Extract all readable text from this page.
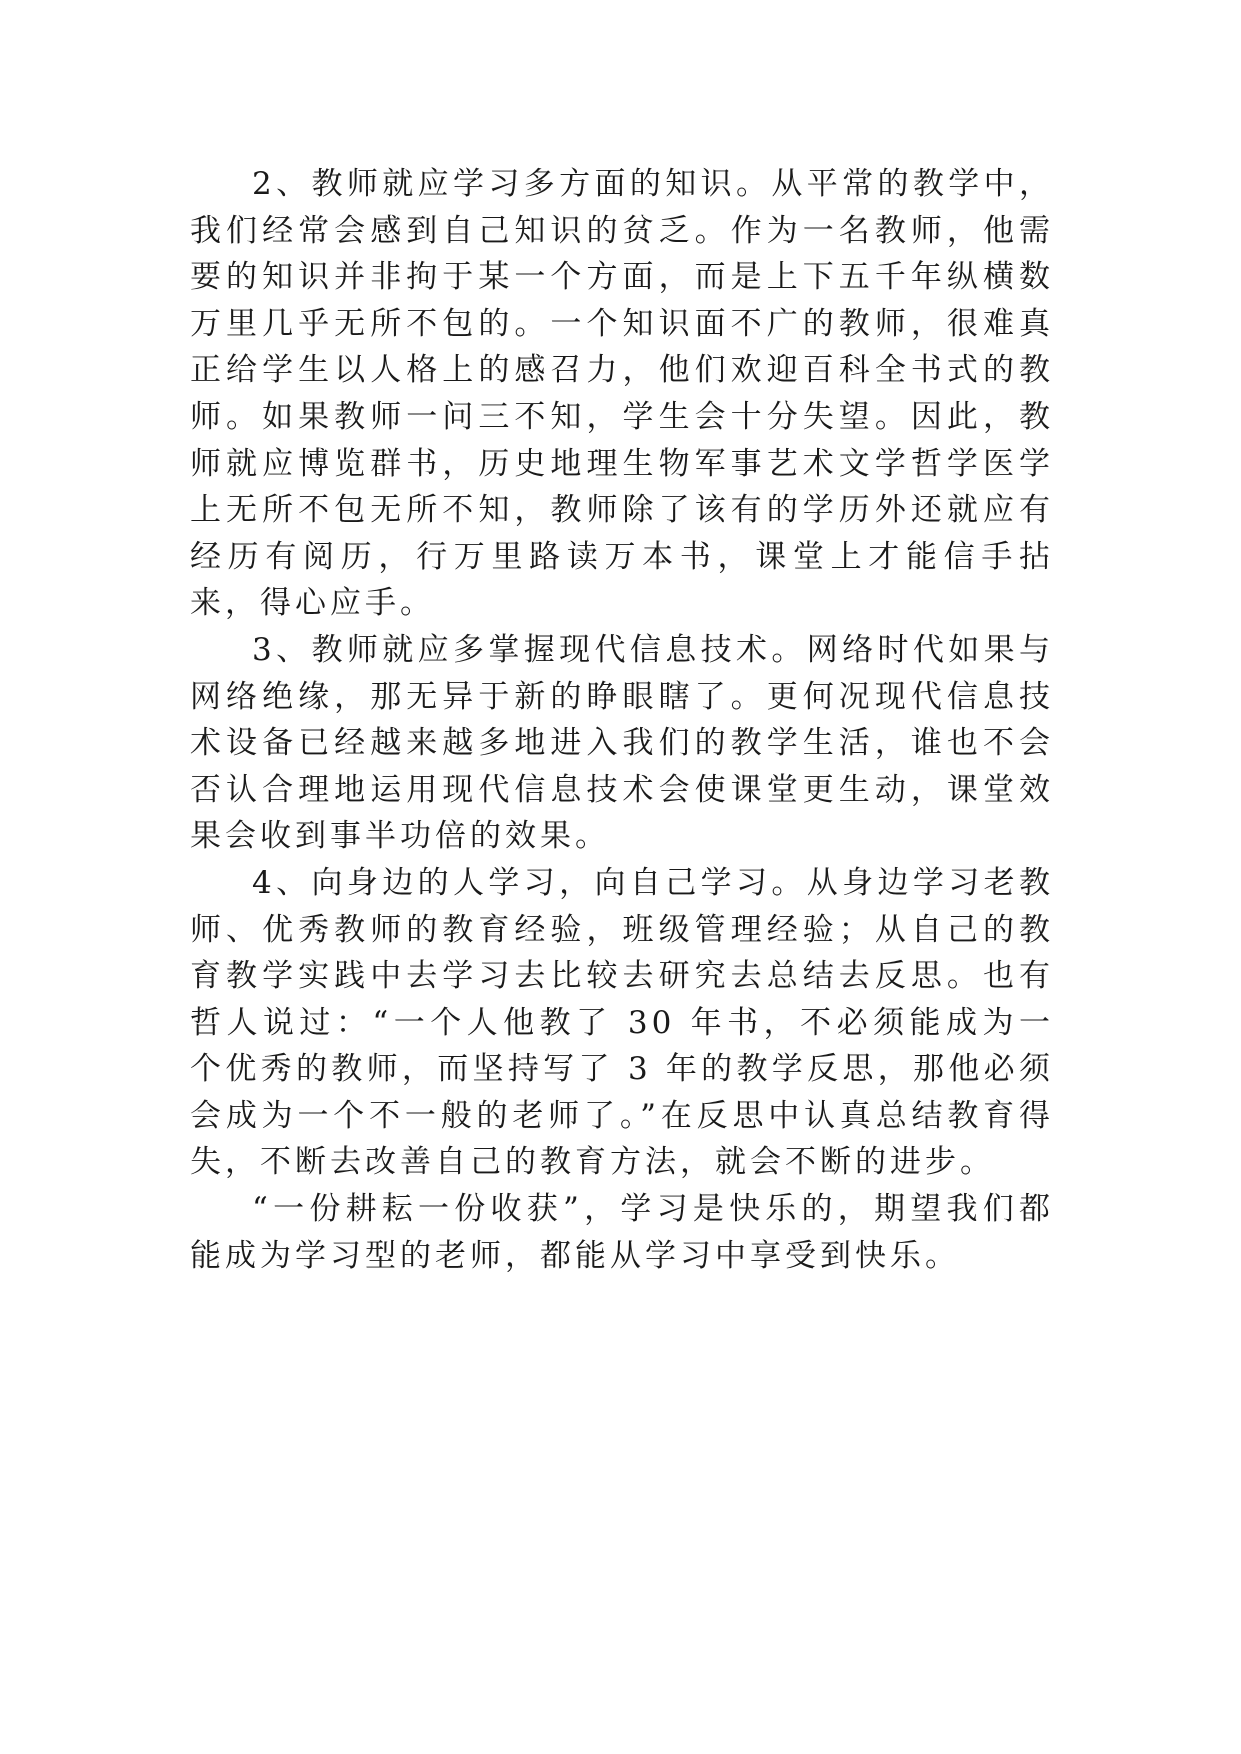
2、教师就应学习多方面的知识。从平常的教学中，我们经常会感到自己知识的贫乏。作为一名教师，他需要的知识并非拘于某一个方面，而是上下五千年纵横数万里几乎无所不包的。一个知识面不广的教师，很难真正给学生以人格上的感召力，他们欢迎百科全书式的教师。如果教师一问三不知，学生会十分失望。因此，教师就应博览群书，历史地理生物军事艺术文学哲学医学上无所不包无所不知，教师除了该有的学历外还就应有经历有阅历，行万里路读万本书，课堂上才能信手拈来，得心应手。

3、教师就应多掌握现代信息技术。网络时代如果与网络绝缘，那无异于新的睁眼瞎了。更何况现代信息技术设备已经越来越多地进入我们的教学生活，谁也不会否认合理地运用现代信息技术会使课堂更生动，课堂效果会收到事半功倍的效果。

4、向身边的人学习，向自己学习。从身边学习老教师、优秀教师的教育经验，班级管理经验；从自己的教育教学实践中去学习去比较去研究去总结去反思。也有哲人说过：“一个人他教了 30 年书，不必须能成为一个优秀的教师，而坚持写了 3 年的教学反思，那他必须会成为一个不一般的老师了。”在反思中认真总结教育得失，不断去改善自己的教育方法，就会不断的进步。

“一份耕耘一份收获”，学习是快乐的，期望我们都能成为学习型的老师，都能从学习中享受到快乐。
